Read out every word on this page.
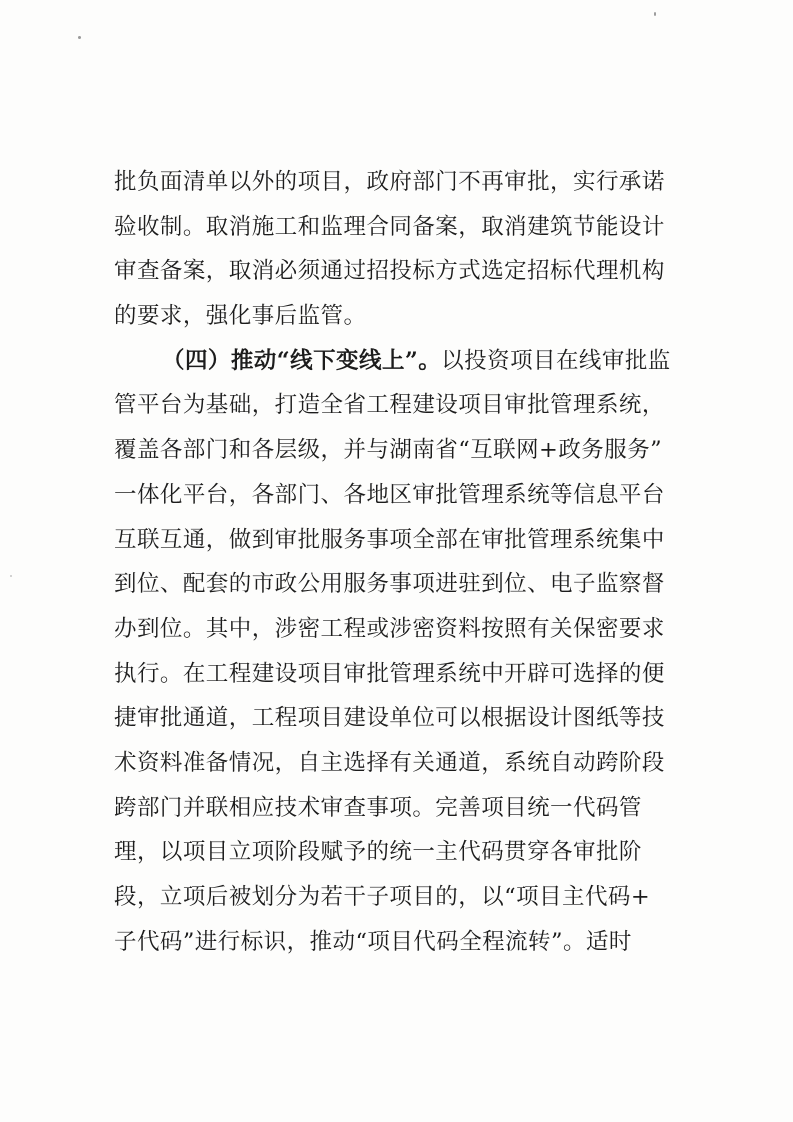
批负面清单以外的项目，政府部门不再审批，实行承诺
验收制。取消施工和监理合同备案，取消建筑节能设计
审查备案，取消必须通过招投标方式选定招标代理机构
的要求，强化事后监管。
（四）推动“线下变线上”。以投资项目在线审批监
管平台为基础，打造全省工程建设项目审批管理系统，
覆盖各部门和各层级，并与湖南省“互联网+政务服务”
一体化平台，各部门、各地区审批管理系统等信息平台
互联互通，做到审批服务事项全部在审批管理系统集中
到位、配套的市政公用服务事项进驻到位、电子监察督
办到位。其中，涉密工程或涉密资料按照有关保密要求
执行。在工程建设项目审批管理系统中开辟可选择的便
捷审批通道，工程项目建设单位可以根据设计图纸等技
术资料准备情况，自主选择有关通道，系统自动跨阶段
跨部门并联相应技术审查事项。完善项目统一代码管
理，以项目立项阶段赋予的统一主代码贯穿各审批阶
段，立项后被划分为若干子项目的，以“项目主代码+
子代码”进行标识，推动“项目代码全程流转”。适时
